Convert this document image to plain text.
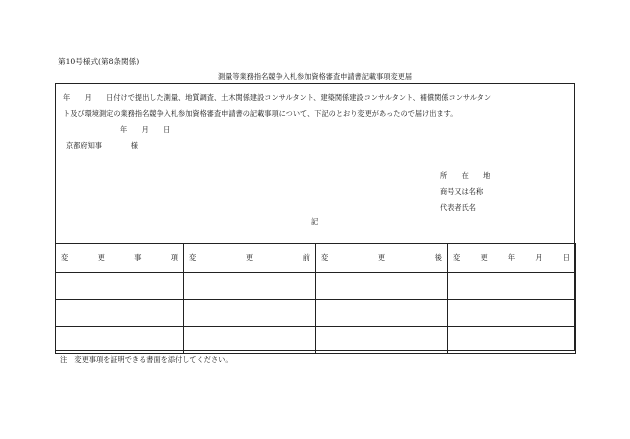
第10号様式(第8条関係)
測量等業務指名競争入札参加資格審査申請書記載事項変更届
年　　月　　日付けで提出した測量、地質調査、土木関係建設コンサルタント、建築関係建設コンサルタント、補償関係コンサルタン
ト及び環境測定の業務指名競争入札参加資格審査申請書の記載事項について、下記のとおり変更があったので届け出ます。
年　　月　　日
京都府知事　　　　様
所　　在　　地
商号又は名称
代表者氏名
記
変 更 事 項	変 更 前	変 更 後	変 更 年 月 日

注　変更事項を証明できる書面を添付してください。
